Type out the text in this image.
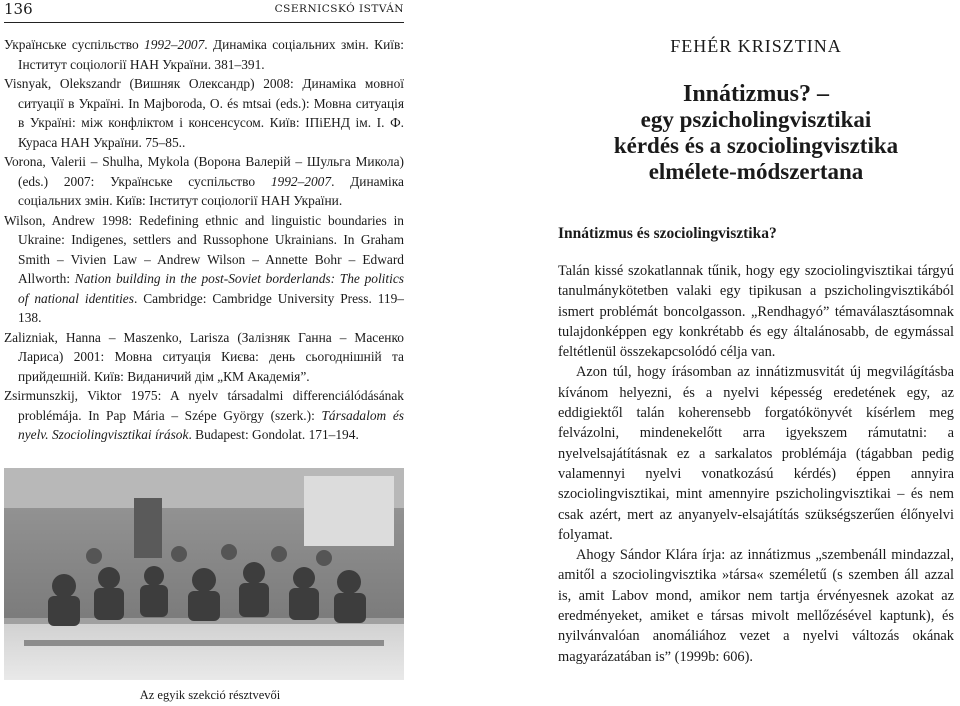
136	CSERNICSKÓ ISTVÁN

Українське суспільство 1992–2007. Динаміка соціальних змін. Київ: Інститут соціології НАН України. 381–391.

Visnyak, Olekszandr (Вишняк Олександр) 2008: Динаміка мовної ситуації в Україні. In Majboroda, O. és mtsai (eds.): Мовна ситуація в Україні: між конфліктом і консенсусом. Київ: ІПіЕНД ім. І. Ф. Кураса НАН України. 75–85..

Vorona, Valerii – Shulha, Mykola (Ворона Валерій – Шульга Микола) (eds.) 2007: Українське суспільство 1992–2007. Динаміка соціальних змін. Київ: Інститут соціології НАН України.

Wilson, Andrew 1998: Redefining ethnic and linguistic boundaries in Ukraine: Indigenes, settlers and Russophone Ukrainians. In Graham Smith – Vivien Law – Andrew Wilson – Annette Bohr – Edward Allworth: Nation building in the post-Soviet borderlands: The politics of national identities. Cambridge: Cambridge University Press. 119–138.

Zalizniak, Hanna – Maszenko, Larisza (Залізняк Ганна – Масенко Лариса) 2001: Мовна ситуація Києва: день сьогоднішній та прийдешній. Київ: Виданичий дім „КМ Академія”.

Zsirmunszkij, Viktor 1975: A nyelv társadalmi differenciálódásának problémája. In Pap Mária – Szépe György (szerk.): Társadalom és nyelv. Szociolingvisztikai írások. Budapest: Gondolat. 171–194.

Az egyik szekció résztvevői
FEHÉR KRISZTINA
Innátizmus? –
egy pszicholingvisztikai
kérdés és a szociolingvisztika
elmélete-módszertana
Innátizmus és szociolingvisztika?

Talán kissé szokatlannak tűnik, hogy egy szociolingvisztikai tárgyú tanulmánykötetben valaki egy tipikusan a pszicholingvisztikából ismert problémát boncolgasson. „Rendhagyó” témaválasztásomnak tulajdonképpen egy konkrétabb és egy általánosabb, de egymással feltétlenül összekapcsolódó célja van.

Azon túl, hogy írásomban az innátizmusvitát új megvilágításba kívánom helyezni, és a nyelvi képesség eredetének egy, az eddigiektől talán koherensebb forgatókönyvét kísérlem meg felvázolni, mindenekelőtt arra igyekszem rámutatni: a nyelvelsajátításnak ez a sarkalatos problémája (tágabban pedig valamennyi nyelvi vonatkozású kérdés) éppen annyira szociolingvisztikai, mint amennyire pszicholingvisztikai – és nem csak azért, mert az anyanyelv-elsajátítás szükségszerűen élőnyelvi folyamat.

Ahogy Sándor Klára írja: az innátizmus „szembenáll mindazzal, amitől a szociolingvisztika »társa« személetű (s szemben áll azzal is, amit Labov mond, amikor nem tartja érvényesnek azokat az eredményeket, amiket e társas mivolt mellőzésével kaptunk), és nyilvánvalóan anomáliához vezet a nyelvi változás okának magyarázatában is” (1999b: 606).
